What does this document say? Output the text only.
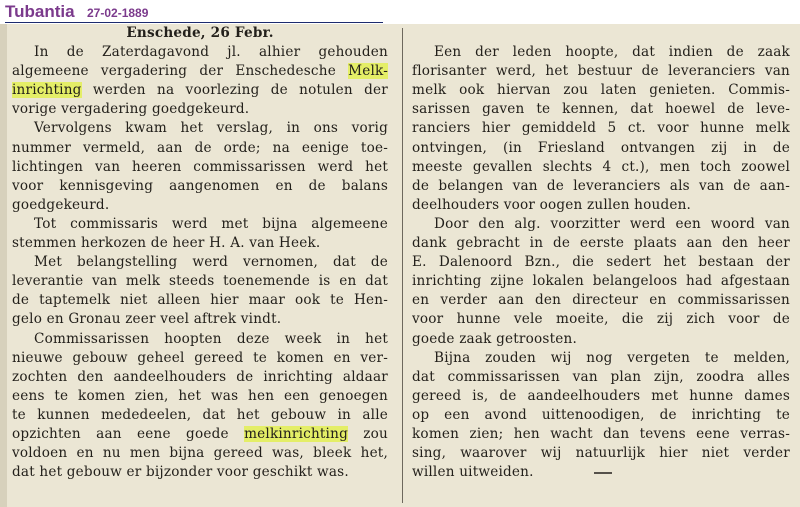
Tubantia 27-02-1889
Enschede, 26 Febr.
In de Zaterdagavond jl. alhier gehouden
algemeene vergadering der Enschedesche Melk-
inrichting werden na voorlezing de notulen der
vorige vergadering goedgekeurd.
Vervolgens kwam het verslag, in ons vorig
nummer vermeld, aan de orde; na eenige toe-
lichtingen van heeren commissarissen werd het
voor kennisgeving aangenomen en de balans
goedgekeurd.
Tot commissaris werd met bijna algemeene
stemmen herkozen de heer H. A. van Heek.
Met belangstelling werd vernomen, dat de
leverantie van melk steeds toenemende is en dat
de taptemelk niet alleen hier maar ook te Hen-
gelo en Gronau zeer veel aftrek vindt.
Commissarissen hoopten deze week in het
nieuwe gebouw geheel gereed te komen en ver-
zochten den aandeelhouders de inrichting aldaar
eens te komen zien, het was hen een genoegen
te kunnen mededeelen, dat het gebouw in alle
opzichten aan eene goede melkinrichting zou
voldoen en nu men bijna gereed was, bleek het,
dat het gebouw er bijzonder voor geschikt was.
Een der leden hoopte, dat indien de zaak
florisanter werd, het bestuur de leveranciers van
melk ook hiervan zou laten genieten. Commis-
sarissen gaven te kennen, dat hoewel de leve-
ranciers hier gemiddeld 5 ct. voor hunne melk
ontvingen, (in Friesland ontvangen zij in de
meeste gevallen slechts 4 ct.), men toch zoowel
de belangen van de leveranciers als van de aan-
deelhouders voor oogen zullen houden.
Door den alg. voorzitter werd een woord van
dank gebracht in de eerste plaats aan den heer
E. Dalenoord Bzn., die sedert het bestaan der
inrichting zijne lokalen belangeloos had afgestaan
en verder aan den directeur en commissarissen
voor hunne vele moeite, die zij zich voor de
goede zaak getroosten.
Bijna zouden wij nog vergeten te melden,
dat commissarissen van plan zijn, zoodra alles
gereed is, de aandeelhouders met hunne dames
op een avond uittenoodigen, de inrichting te
komen zien; hen wacht dan tevens eene verras-
sing, waarover wij natuurlijk hier niet verder
willen uitweiden.
